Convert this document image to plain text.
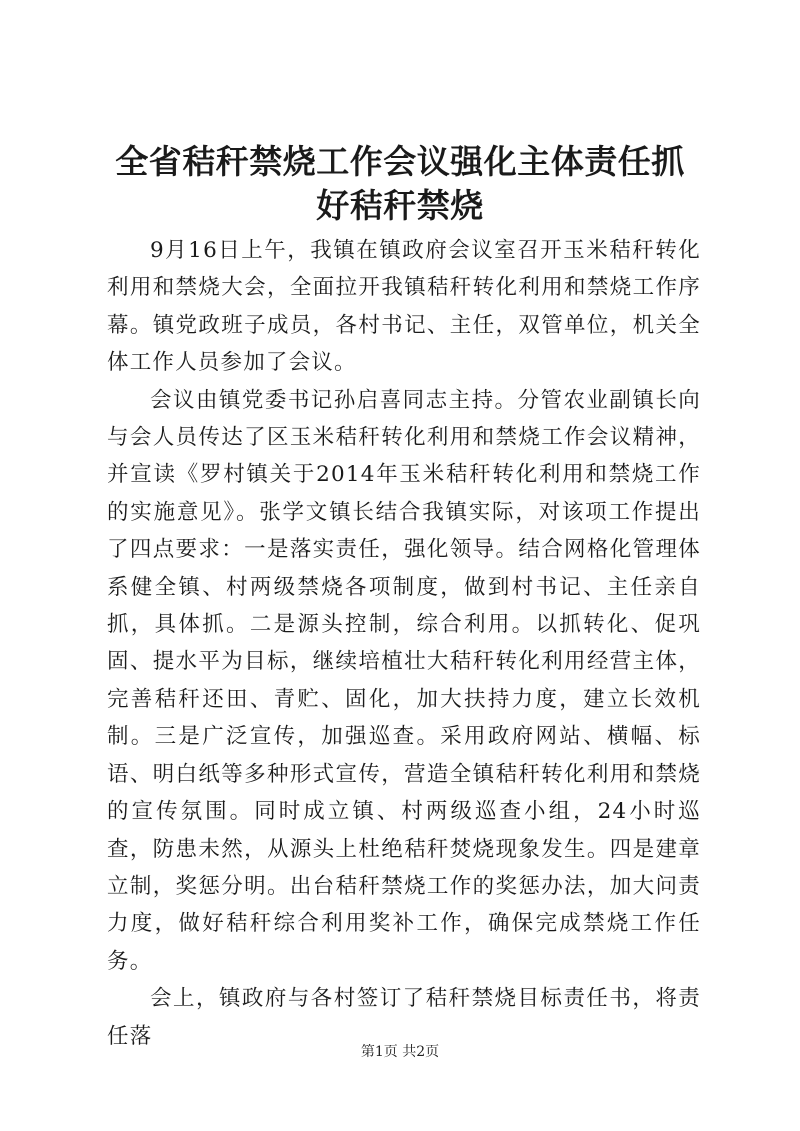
全省秸秆禁烧工作会议强化主体责任抓好秸秆禁烧

9月16日上午，我镇在镇政府会议室召开玉米秸秆转化利用和禁烧大会，全面拉开我镇秸秆转化利用和禁烧工作序幕。镇党政班子成员，各村书记、主任，双管单位，机关全体工作人员参加了会议。

会议由镇党委书记孙启喜同志主持。分管农业副镇长向与会人员传达了区玉米秸秆转化利用和禁烧工作会议精神，并宣读《罗村镇关于2014年玉米秸秆转化利用和禁烧工作的实施意见》。张学文镇长结合我镇实际，对该项工作提出了四点要求：一是落实责任，强化领导。结合网格化管理体系健全镇、村两级禁烧各项制度，做到村书记、主任亲自抓，具体抓。二是源头控制，综合利用。以抓转化、促巩固、提水平为目标，继续培植壮大秸秆转化利用经营主体，完善秸秆还田、青贮、固化，加大扶持力度，建立长效机制。三是广泛宣传，加强巡查。采用政府网站、横幅、标语、明白纸等多种形式宣传，营造全镇秸秆转化利用和禁烧的宣传氛围。同时成立镇、村两级巡查小组，24小时巡查，防患未然，从源头上杜绝秸秆焚烧现象发生。四是建章立制，奖惩分明。出台秸秆禁烧工作的奖惩办法，加大问责力度，做好秸秆综合利用奖补工作，确保完成禁烧工作任务。

会上，镇政府与各村签订了秸秆禁烧目标责任书，将责任落

第1页 共2页
